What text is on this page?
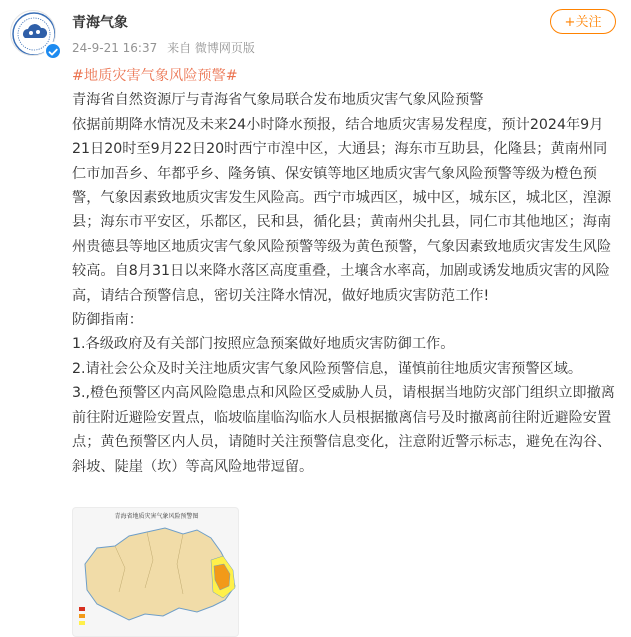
青海气象
24-9-21 16:37 来自 微博网页版
+关注

#地质灾害气象风险预警#

青海省自然资源厅与青海省气象局联合发布地质灾害气象风险预警

依据前期降水情况及未来24小时降水预报，结合地质灾害易发程度，预计2024年9月21日20时至9月22日20时西宁市湟中区，大通县；海东市互助县，化隆县；黄南州同仁市加吾乡、年都乎乡、隆务镇、保安镇等地区地质灾害气象风险预警等级为橙色预警，气象因素致地质灾害发生风险高。西宁市城西区，城中区，城东区，城北区，湟源县；海东市平安区，乐都区，民和县，循化县；黄南州尖扎县，同仁市其他地区；海南州贵德县等地区地质灾害气象风险预警等级为黄色预警，气象因素致地质灾害发生风险较高。自8月31日以来降水落区高度重叠，土壤含水率高，加剧或诱发地质灾害的风险高，请结合预警信息，密切关注降水情况，做好地质灾害防范工作!

防御指南：

1.各级政府及有关部门按照应急预案做好地质灾害防御工作。

2.请社会公众及时关注地质灾害气象风险预警信息，谨慎前往地质灾害预警区域。

3.,橙色预警区内高风险隐患点和风险区受威胁人员，请根据当地防灾部门组织立即撤离前往附近避险安置点，临坡临崖临沟临水人员根据撤离信号及时撤离前往附近避险安置点；黄色预警区内人员，请随时关注预警信息变化，注意附近警示标志，避免在沟谷、斜坡、陡崖（坎）等高风险地带逗留。

青海省地质灾害气象风险预警图
